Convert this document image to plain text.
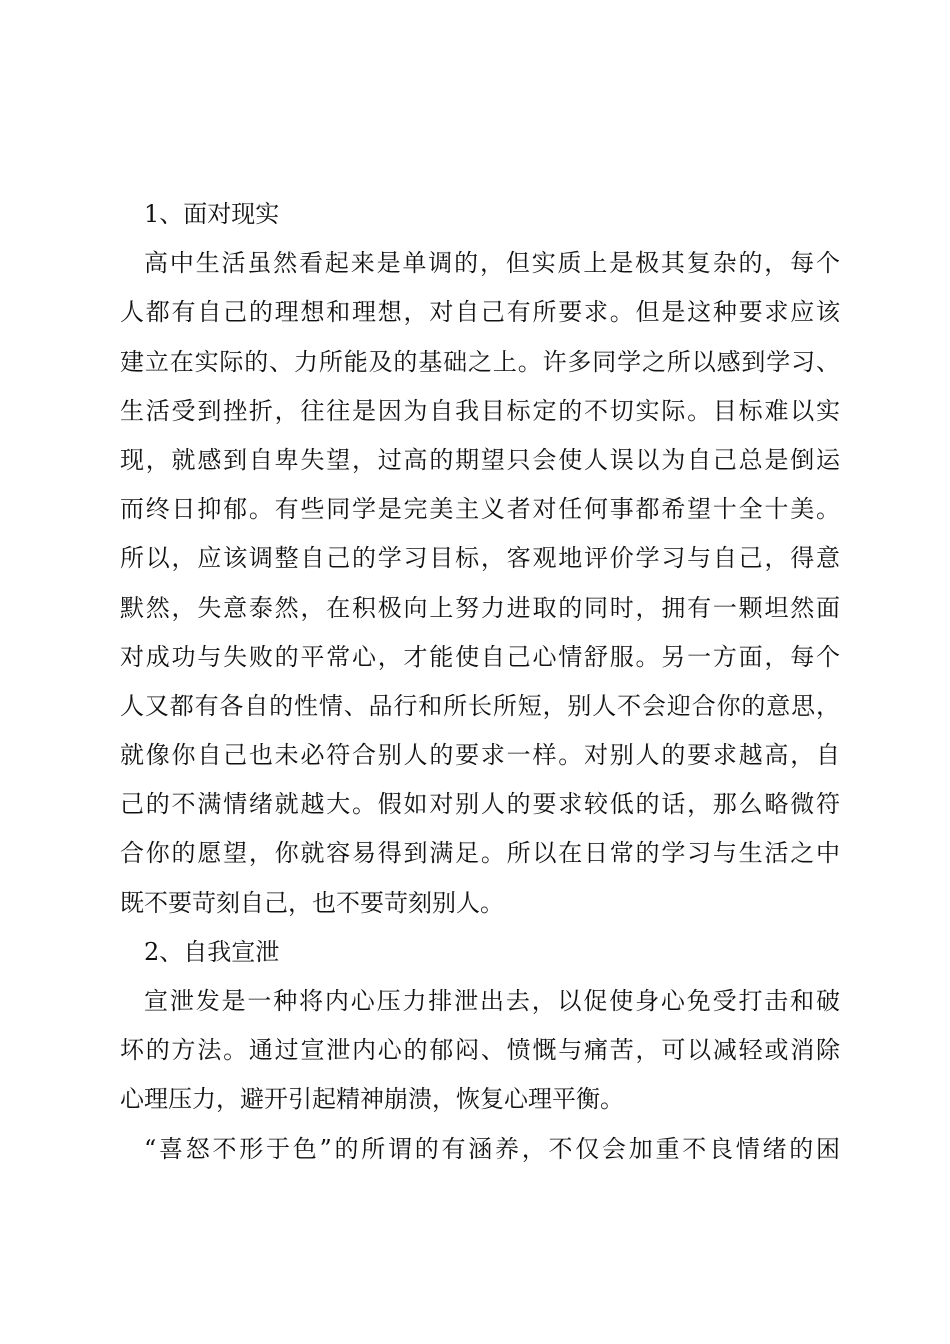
1、面对现实
高中生活虽然看起来是单调的，但实质上是极其复杂的，每个
人都有自己的理想和理想，对自己有所要求。但是这种要求应该
建立在实际的、力所能及的基础之上。许多同学之所以感到学习、
生活受到挫折，往往是因为自我目标定的不切实际。目标难以实
现，就感到自卑失望，过高的期望只会使人误以为自己总是倒运
而终日抑郁。有些同学是完美主义者对任何事都希望十全十美。
所以，应该调整自己的学习目标，客观地评价学习与自己，得意
默然，失意泰然，在积极向上努力进取的同时，拥有一颗坦然面
对成功与失败的平常心，才能使自己心情舒服。另一方面，每个
人又都有各自的性情、品行和所长所短，别人不会迎合你的意思，
就像你自己也未必符合别人的要求一样。对别人的要求越高，自
己的不满情绪就越大。假如对别人的要求较低的话，那么略微符
合你的愿望，你就容易得到满足。所以在日常的学习与生活之中
既不要苛刻自己，也不要苛刻别人。
2、自我宣泄
宣泄发是一种将内心压力排泄出去，以促使身心免受打击和破
坏的方法。通过宣泄内心的郁闷、愤慨与痛苦，可以减轻或消除
心理压力，避开引起精神崩溃，恢复心理平衡。
“喜怒不形于色”的所谓的有涵养，不仅会加重不良情绪的困
